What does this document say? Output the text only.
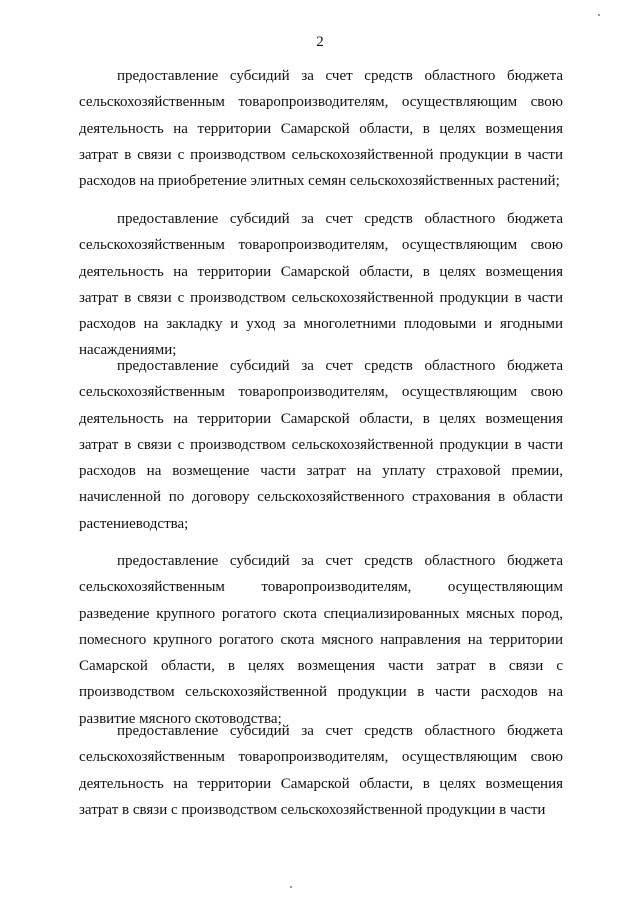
2
предоставление субсидий за счет средств областного бюджета
сельскохозяйственным товаропроизводителям, осуществляющим свою
деятельность на территории Самарской области, в целях возмещения
затрат в связи с производством сельскохозяйственной продукции в части
расходов на приобретение элитных семян сельскохозяйственных растений;
предоставление субсидий за счет средств областного бюджета
сельскохозяйственным товаропроизводителям, осуществляющим свою
деятельность на территории Самарской области, в целях возмещения
затрат в связи с производством сельскохозяйственной продукции в части
расходов на закладку и уход за многолетними плодовыми и ягодными
насаждениями;
предоставление субсидий за счет средств областного бюджета
сельскохозяйственным товаропроизводителям, осуществляющим свою
деятельность на территории Самарской области, в целях возмещения
затрат в связи с производством сельскохозяйственной продукции в части
расходов на возмещение части затрат на уплату страховой премии,
начисленной по договору сельскохозяйственного страхования в области
растениеводства;
предоставление субсидий за счет средств областного бюджета
сельскохозяйственным товаропроизводителям, осуществляющим
разведение крупного рогатого скота специализированных мясных пород,
помесного крупного рогатого скота мясного направления на территории
Самарской области, в целях возмещения части затрат в связи с
производством сельскохозяйственной продукции в части расходов на
развитие мясного скотоводства;
предоставление субсидий за счет средств областного бюджета
сельскохозяйственным товаропроизводителям, осуществляющим свою
деятельность на территории Самарской области, в целях возмещения
затрат в связи с производством сельскохозяйственной продукции в части
